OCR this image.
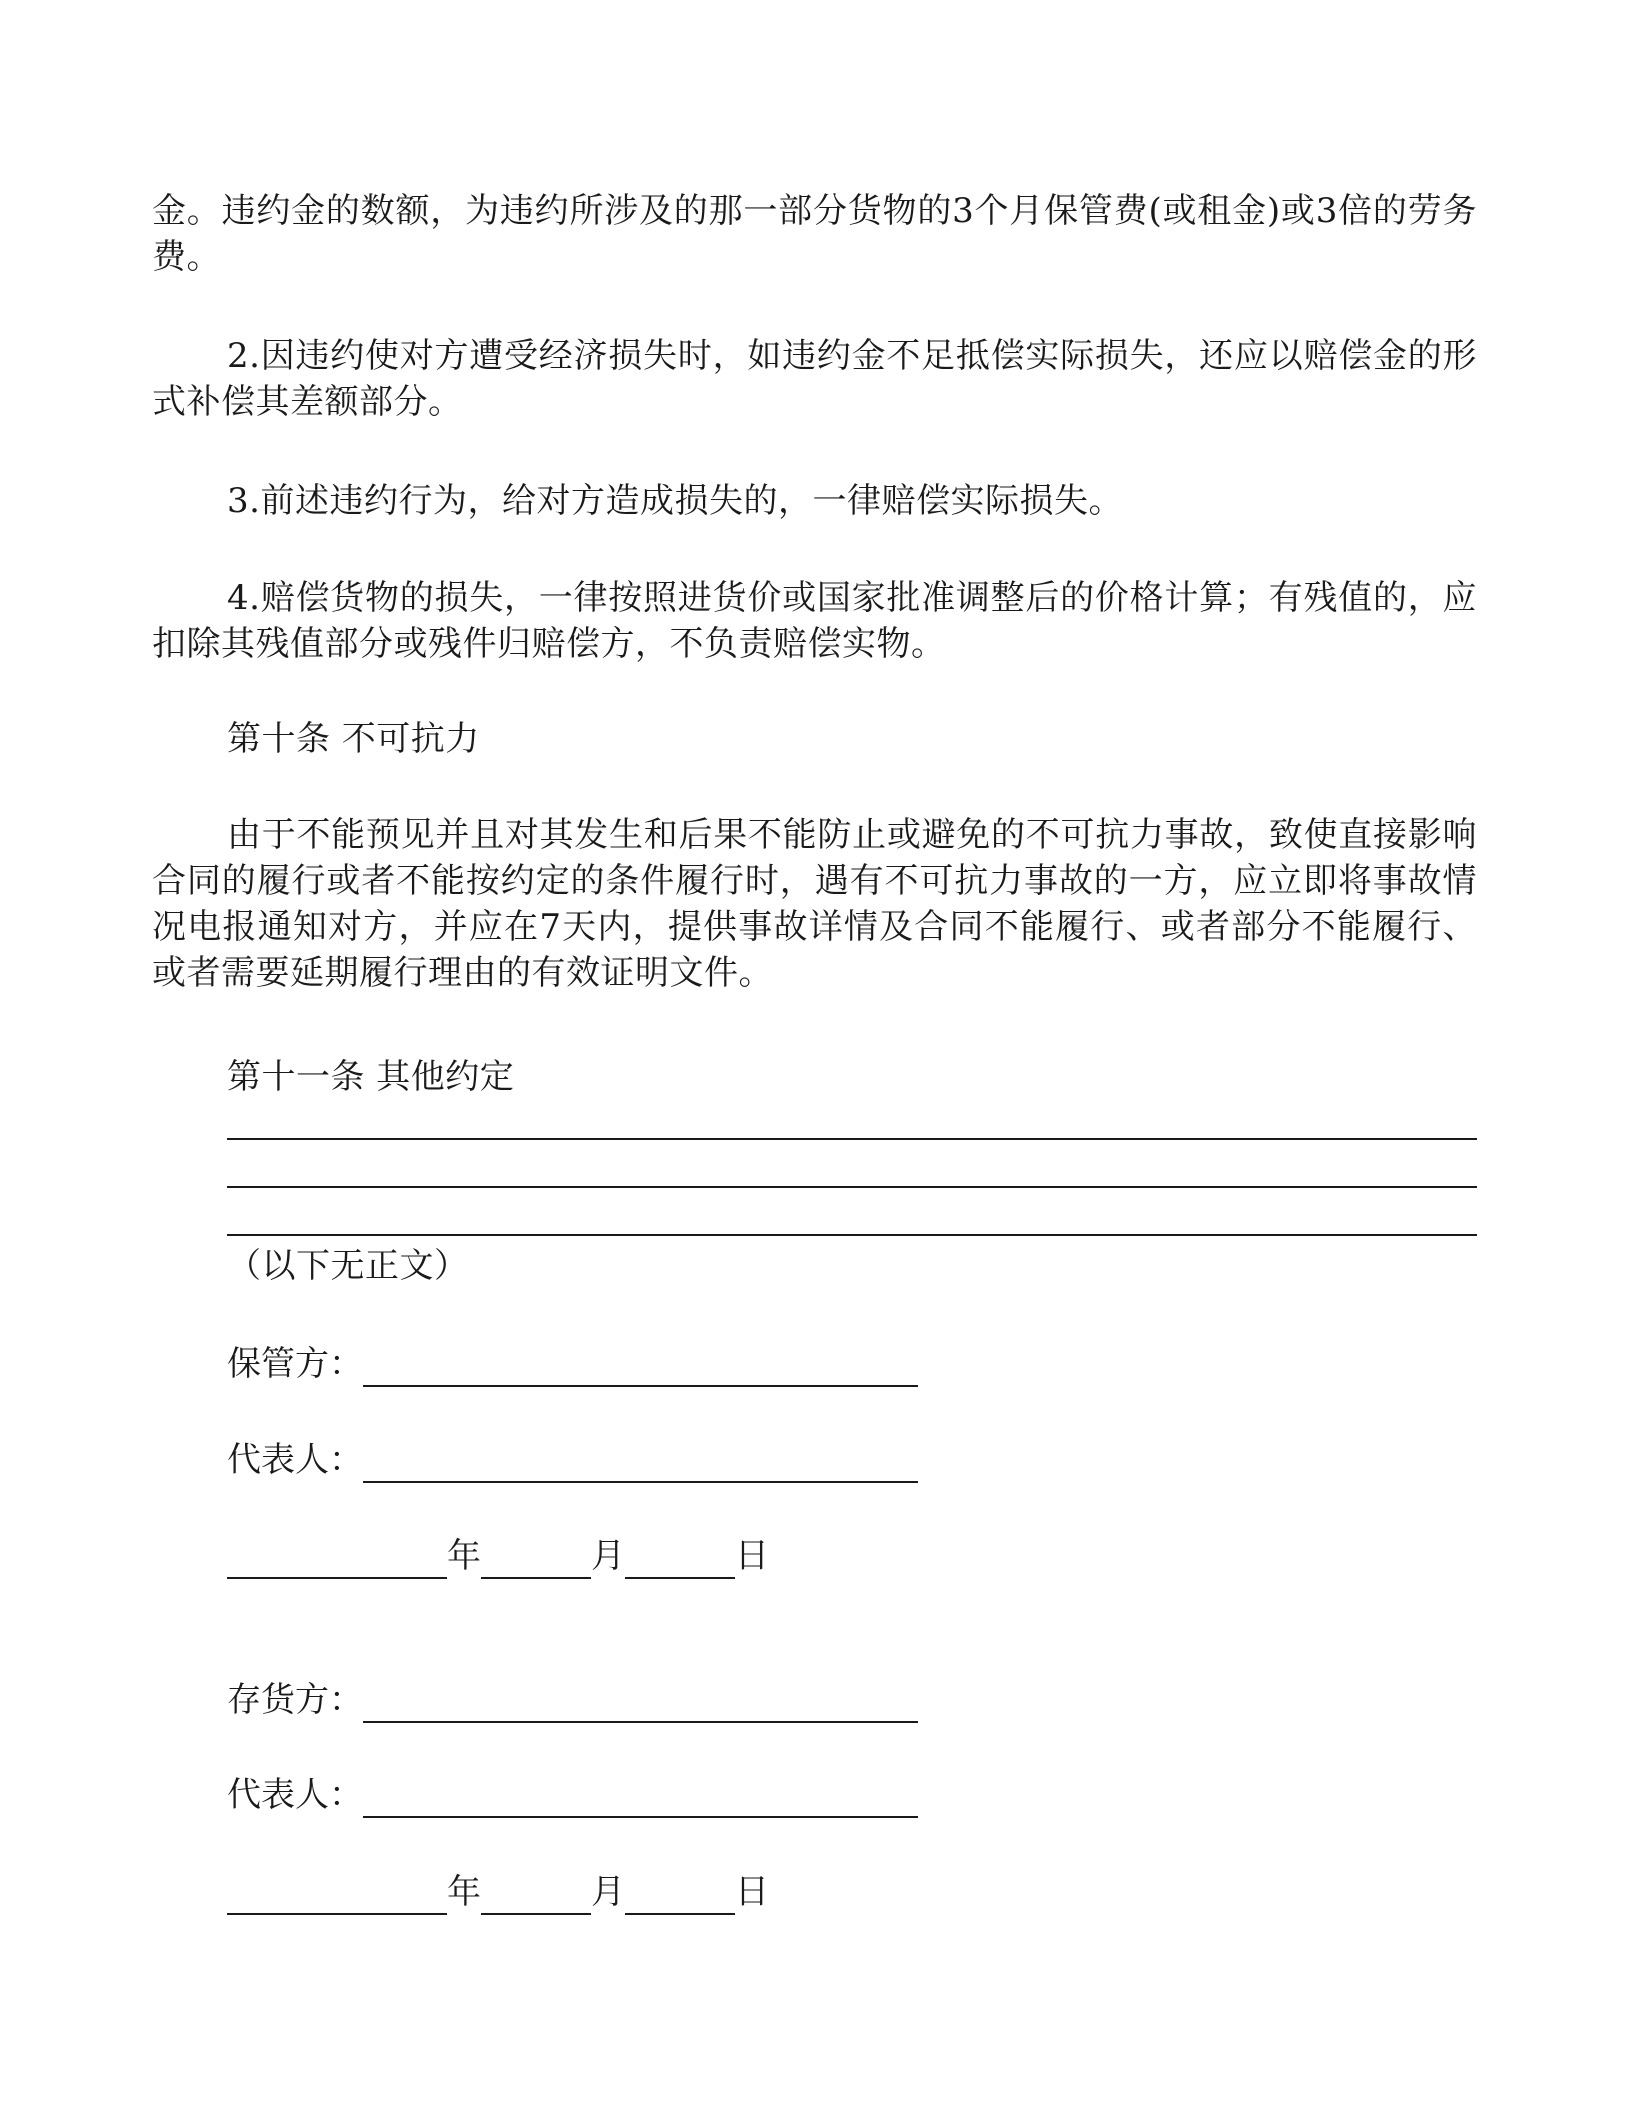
金。违约金的数额，为违约所涉及的那一部分货物的3个月保管费(或租金)或3倍的劳务费。

2.因违约使对方遭受经济损失时，如违约金不足抵偿实际损失，还应以赔偿金的形式补偿其差额部分。

3.前述违约行为，给对方造成损失的，一律赔偿实际损失。

4.赔偿货物的损失，一律按照进货价或国家批准调整后的价格计算；有残值的，应扣除其残值部分或残件归赔偿方，不负责赔偿实物。

第十条 不可抗力

由于不能预见并且对其发生和后果不能防止或避免的不可抗力事故，致使直接影响合同的履行或者不能按约定的条件履行时，遇有不可抗力事故的一方，应立即将事故情况电报通知对方，并应在7天内，提供事故详情及合同不能履行、或者部分不能履行、或者需要延期履行理由的有效证明文件。

第十一条 其他约定

（以下无正文）

保管方：
代表人：
年	月	日
存货方：
代表人：
年	月	日
